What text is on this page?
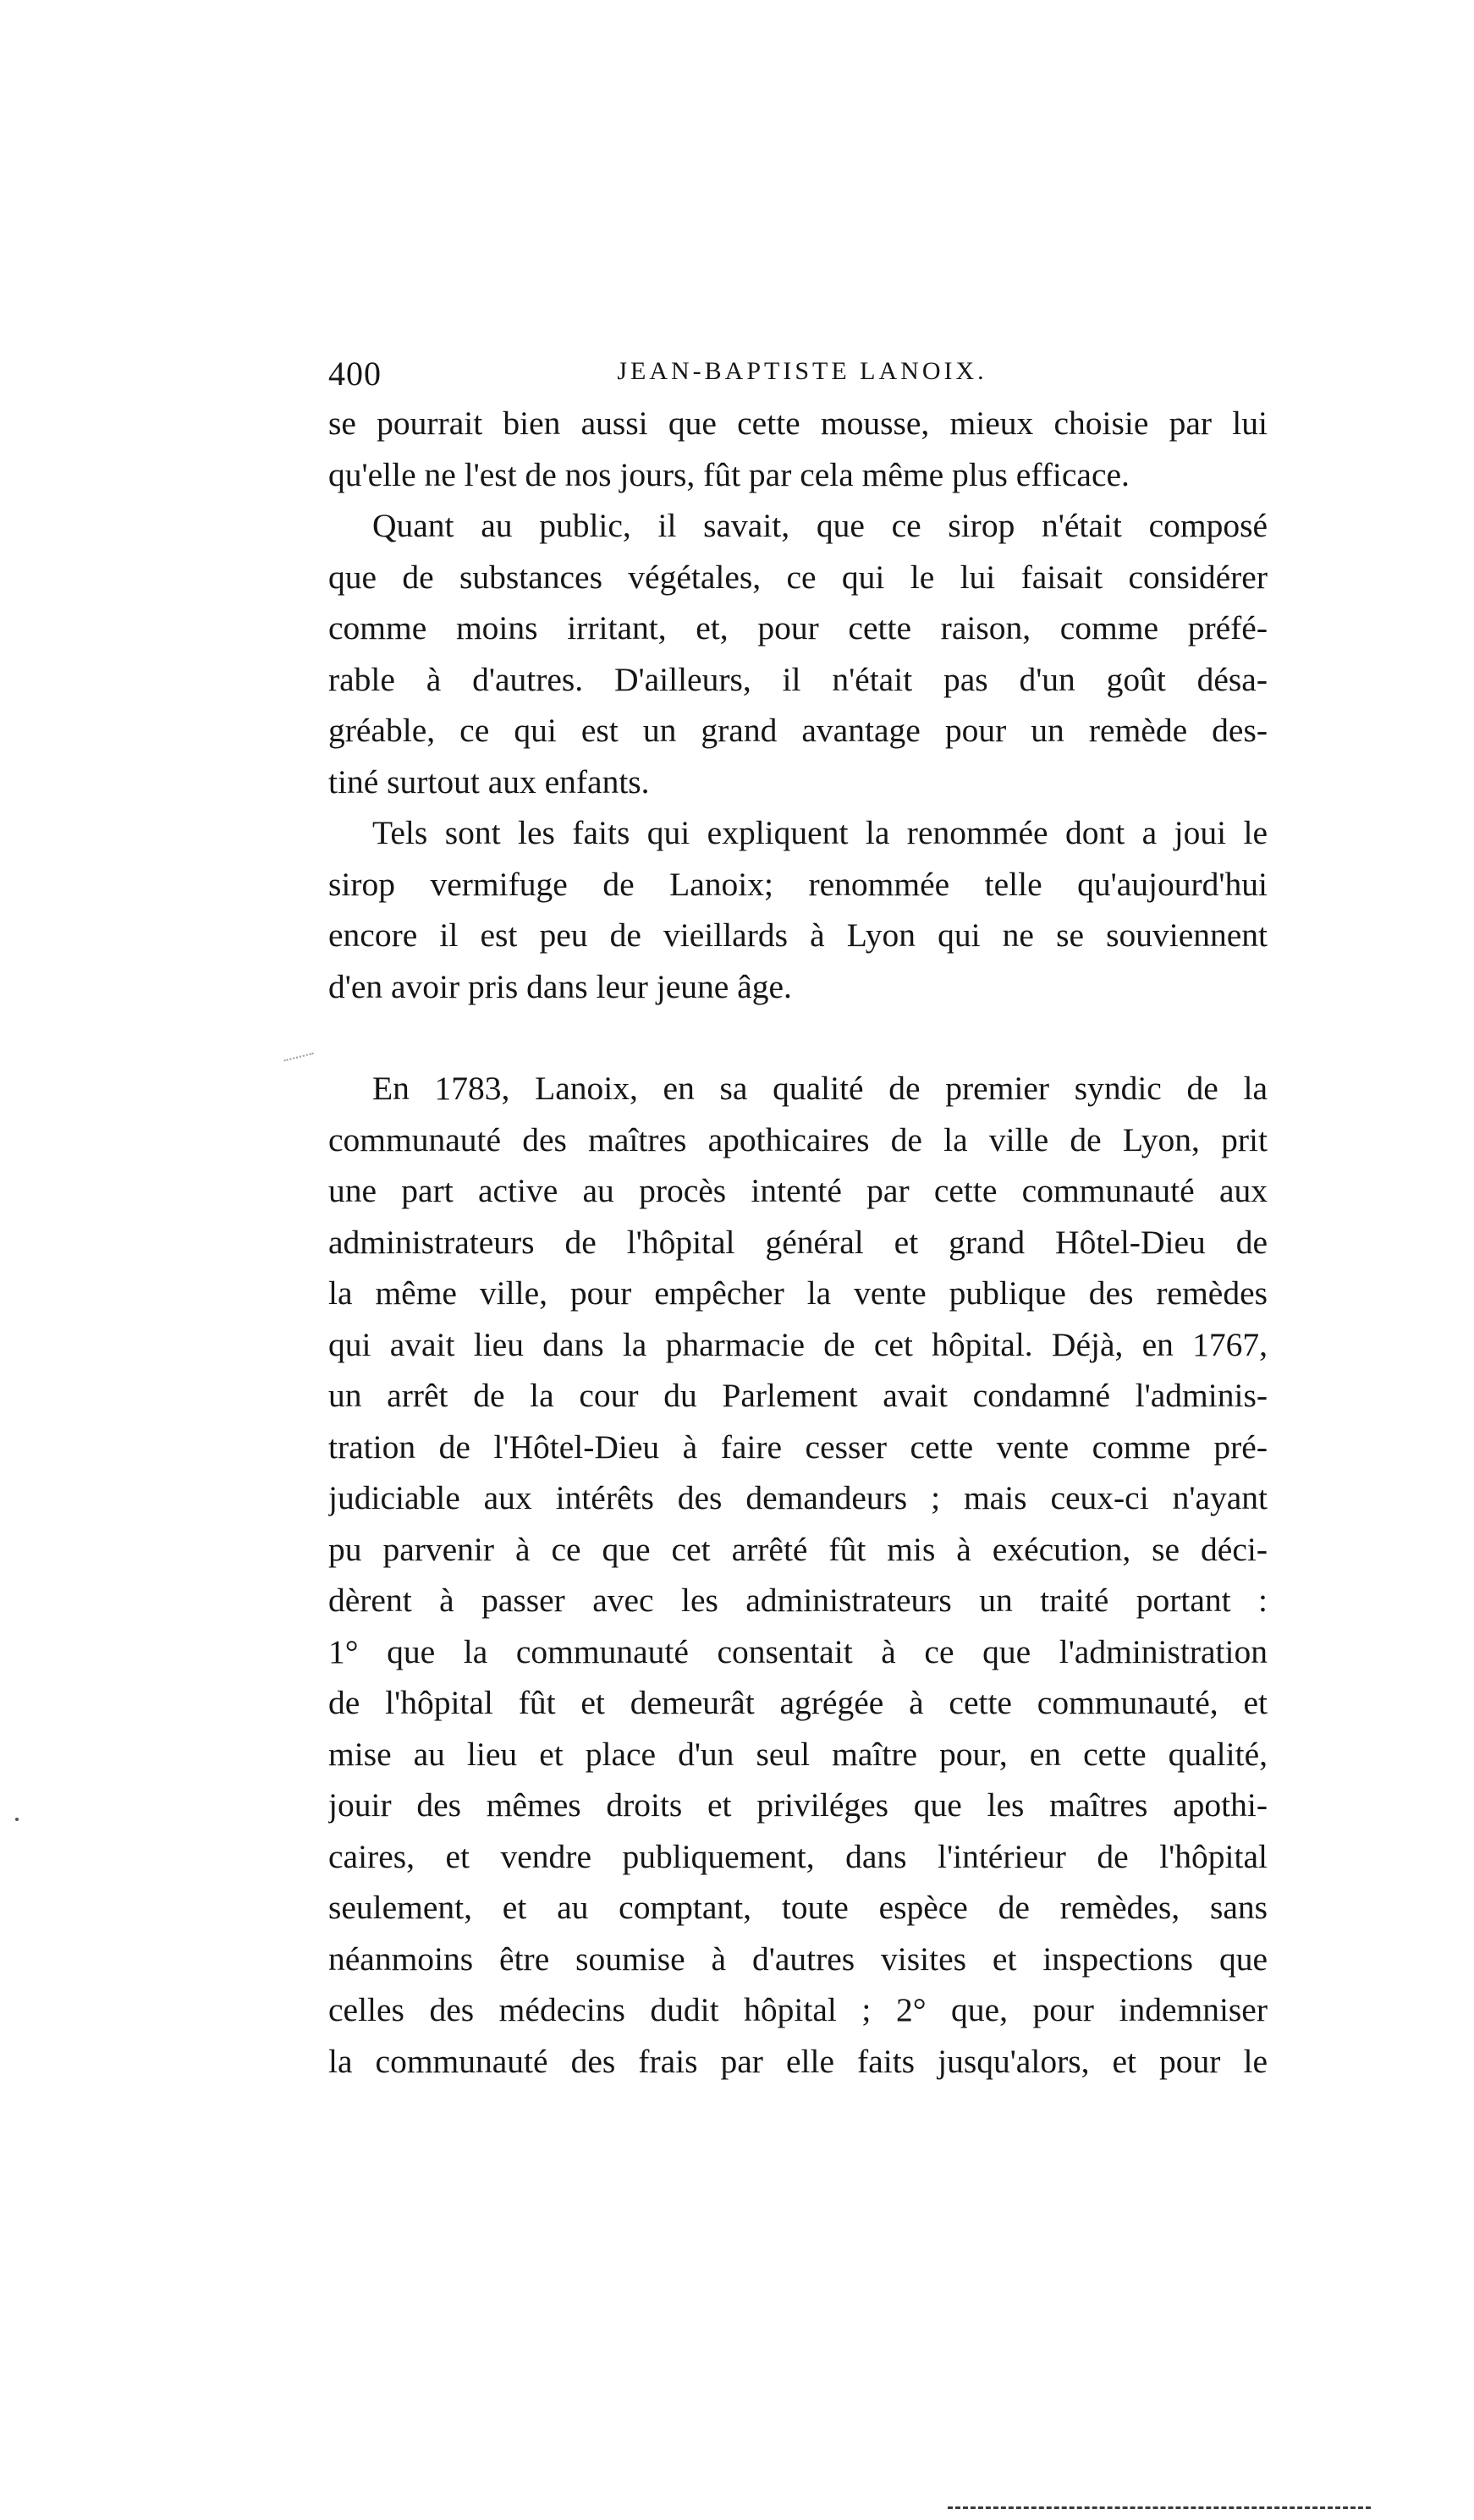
400	JEAN-BAPTISTE LANOIX.
se pourrait bien aussi que cette mousse, mieux choisie par lui
qu'elle ne l'est de nos jours, fût par cela même plus efficace.
Quant au public, il savait, que ce sirop n'était composé
que de substances végétales, ce qui le lui faisait considérer
comme moins irritant, et, pour cette raison, comme préfé-
rable à d'autres. D'ailleurs, il n'était pas d'un goût désa-
gréable, ce qui est un grand avantage pour un remède des-
tiné surtout aux enfants.
Tels sont les faits qui expliquent la renommée dont a joui le
sirop vermifuge de Lanoix; renommée telle qu'aujourd'hui
encore il est peu de vieillards à Lyon qui ne se souviennent
d'en avoir pris dans leur jeune âge.
En 1783, Lanoix, en sa qualité de premier syndic de la
communauté des maîtres apothicaires de la ville de Lyon, prit
une part active au procès intenté par cette communauté aux
administrateurs de l'hôpital général et grand Hôtel-Dieu de
la même ville, pour empêcher la vente publique des remèdes
qui avait lieu dans la pharmacie de cet hôpital. Déjà, en 1767,
un arrêt de la cour du Parlement avait condamné l'adminis-
tration de l'Hôtel-Dieu à faire cesser cette vente comme pré-
judiciable aux intérêts des demandeurs ; mais ceux-ci n'ayant
pu parvenir à ce que cet arrêté fût mis à exécution, se déci-
dèrent à passer avec les administrateurs un traité portant :
1° que la communauté consentait à ce que l'administration
de l'hôpital fût et demeurât agrégée à cette communauté, et
mise au lieu et place d'un seul maître pour, en cette qualité,
jouir des mêmes droits et priviléges que les maîtres apothi-
caires, et vendre publiquement, dans l'intérieur de l'hôpital
seulement, et au comptant, toute espèce de remèdes, sans
néanmoins être soumise à d'autres visites et inspections que
celles des médecins dudit hôpital ; 2° que, pour indemniser
la communauté des frais par elle faits jusqu'alors, et pour le
